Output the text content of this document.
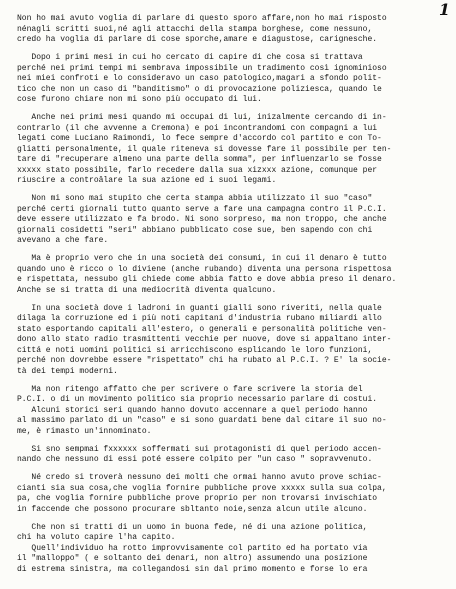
1
Non ho mai avuto voglia di parlare di questo sporo affare,non ho mai risposto
nénagli scritti suoi,né agli attacchi della stampa borghese, come nessuno,
credo ha voglia di parlare di cose sporche,amare e diagustose, carigneschе.
Dopo i primi mesi in cui ho cercato di capire di che cosa si trattava
perché nei primi tempi mi sembrava impossibile un tradimento così ignominioso
nei miei confroti e lo consideravo un caso patologico,magari a sfondo polit-
tico che non un caso di "banditismo" o di provocazione poliziesca, quando le
cose furono chiare non mi sono più occupato di lui.
Anche nei primi mesi quando mi occupai di lui, inizalmente cercando di in-
contrarlo (il che avvenne a Cremona) e poi incontrandomi con compagni a lui
legati come Luciano Raimondi, lo fece sempre d'accordo col partito e con To-
gliatti personalmente, il quale riteneva si dovesse fare il possibile per ten-
tare di "recuperare almeno una parte della somma", per influenzarlo se fosse
xxxxx stato possibile, farlo recedere dalla sua xizxxx azione, comunque per
riuscire a controâlare la sua azione ed i suoi legami.
Non mi sono mai stupito che certa stampa abbia utilizzato il suo "caso"
perché certi giornali tutto quanto serve a fare una campagna contro il P.C.I.
deve essere utilizzato e fa brodo. Ni sono sorpreso, ma non troppo, che anche
giornali cosidetti "seri" abbiano pubblicato cose sue, ben sapendo con chi
avevano a che fare.
Ma è proprio vero che in una società dei consumi, in cui il denaro è tutto
quando uno è ricco o lo diviene (anche rubando) diventa una persona rispettosa
e rispettata, nessubo gli chiede come abbia fatto e dove abbia preso il denaro.
Anche se si tratta di una mediocrità diventa qualcuno.
In una società dove i ladroni in guanti gialli sono riveriti, nella quale
dilaga la corruzione ed i più noti capitani d'industria rubano miliardi allo
stato esportando capitali all'estero, o generali e personalità politiche ven-
dono allo stato radio trasmittenti vecchie per nuove, dove si appaltano inter-
cittá e noti uomini politici si arricchiscono esplicando le loro funzioni,
perché non dovrebbe essere "rispettato" chi ha rubato al P.C.I. ? E' la socie-
tà dei tempi moderni.
Ma non ritengo affatto che per scrivere o fare scrivere la storia del
P.C.I. o di un movimento politico sia proprio necessario parlare di costui.
Alcuni storici seri quando hanno dovuto accennare a quel periodo hanno
al massimo parlato di un "caso" e si sono guardati bene dal citare il suo no-
me, è rimasto un'innominato.
Si sno sempmai fxxxxxx soffermati sui protagonisti di quel periodo accen-
nando che nessuno di essi poté essere colpito per "un caso " sopravvenuto.
Né credo si troverà nessuno dei molti che ormai hanno avuto prove schiac-
cianti sia sua cosa,che voglia fornire pubbliche prove xxxxx sulla sua colpa,
pa, che voglia fornire pubbliche prove proprio per non trovarsi invischiato
in faccende che possono procurare sbltanto noie,senza alcun utile alcuno.
Che non si tratti di un uomo in buona fede, né di una azione politica,
chi ha voluto capire l'ha capito.
Quell'individuo ha rotto improvvisamente col partito ed ha portato via
il "malloppo" ( e soltanto dei denari, non altro) assumendo una posizione
di estrema sinistra, ma collegandosi sin dal primo momento e forse lo era
